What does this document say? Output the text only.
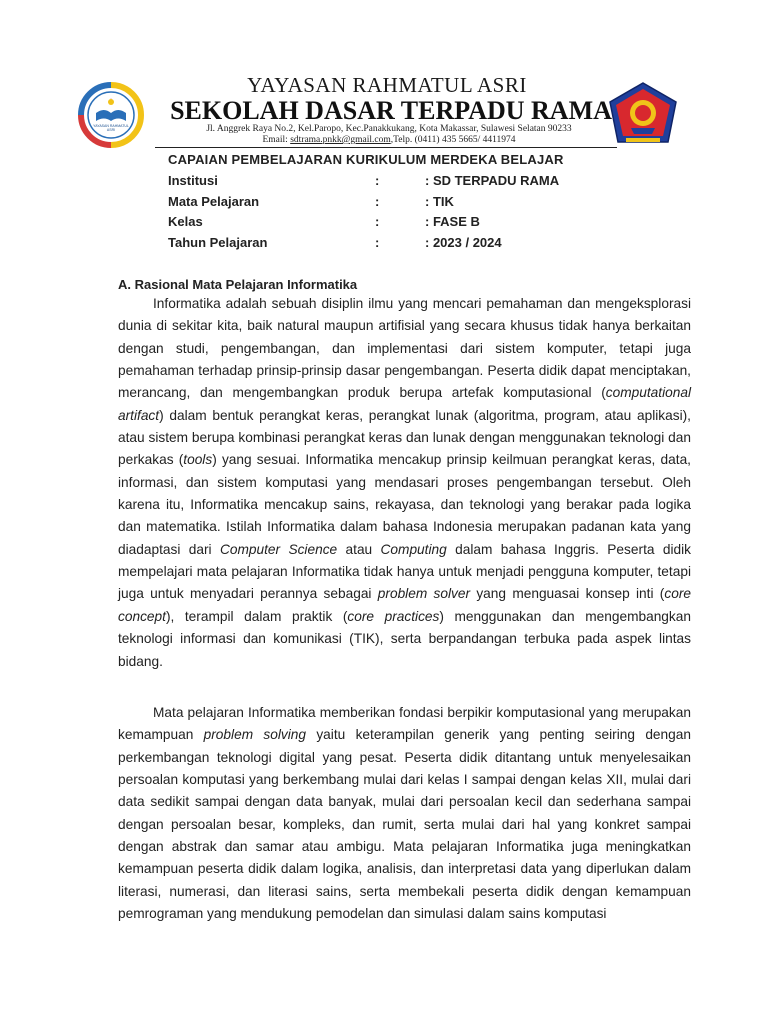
YAYASAN RAHMATUL ASRI
YAYASAN RAHMATUL ASRI
SEKOLAH DASAR TERPADU RAMA
Jl. Anggrek Raya No.2, Kel.Paropo, Kec.Panakkukang, Kota Makassar, Sulawesi Selatan 90233
Email: sdtrama.pnkk@gmail.com,Telp. (0411) 435 5665/ 4411974
CAPAIAN PEMBELAJARAN KURIKULUM MERDEKA BELAJAR
Institusi	:	: SD TERPADU RAMA
Mata Pelajaran	:	: TIK
Kelas	:	: FASE B
Tahun Pelajaran	:	: 2023 / 2024
A. Rasional Mata Pelajaran Informatika

Informatika adalah sebuah disiplin ilmu yang mencari pemahaman dan mengeksplorasi dunia di sekitar kita, baik natural maupun artifisial yang secara khusus tidak hanya berkaitan dengan studi, pengembangan, dan implementasi dari sistem komputer, tetapi juga pemahaman terhadap prinsip-prinsip dasar pengembangan. Peserta didik dapat menciptakan, merancang, dan mengembangkan produk berupa artefak komputasional (computational artifact) dalam bentuk perangkat keras, perangkat lunak (algoritma, program, atau aplikasi), atau sistem berupa kombinasi perangkat keras dan lunak dengan menggunakan teknologi dan perkakas (tools) yang sesuai. Informatika mencakup prinsip keilmuan perangkat keras, data, informasi, dan sistem komputasi yang mendasari proses pengembangan tersebut. Oleh karena itu, Informatika mencakup sains, rekayasa, dan teknologi yang berakar pada logika dan matematika. Istilah Informatika dalam bahasa Indonesia merupakan padanan kata yang diadaptasi dari Computer Science atau Computing dalam bahasa Inggris. Peserta didik mempelajari mata pelajaran Informatika tidak hanya untuk menjadi pengguna komputer, tetapi juga untuk menyadari perannya sebagai problem solver yang menguasai konsep inti (core concept), terampil dalam praktik (core practices) menggunakan dan mengembangkan teknologi informasi dan komunikasi (TIK), serta berpandangan terbuka pada aspek lintas bidang.

Mata pelajaran Informatika memberikan fondasi berpikir komputasional yang merupakan kemampuan problem solving yaitu keterampilan generik yang penting seiring dengan perkembangan teknologi digital yang pesat. Peserta didik ditantang untuk menyelesaikan persoalan komputasi yang berkembang mulai dari kelas I sampai dengan kelas XII, mulai dari data sedikit sampai dengan data banyak, mulai dari persoalan kecil dan sederhana sampai dengan persoalan besar, kompleks, dan rumit, serta mulai dari hal yang konkret sampai dengan abstrak dan samar atau ambigu. Mata pelajaran Informatika juga meningkatkan kemampuan peserta didik dalam logika, analisis, dan interpretasi data yang diperlukan dalam literasi, numerasi, dan literasi sains, serta membekali peserta didik dengan kemampuan pemrograman yang mendukung pemodelan dan simulasi dalam sains komputasi
